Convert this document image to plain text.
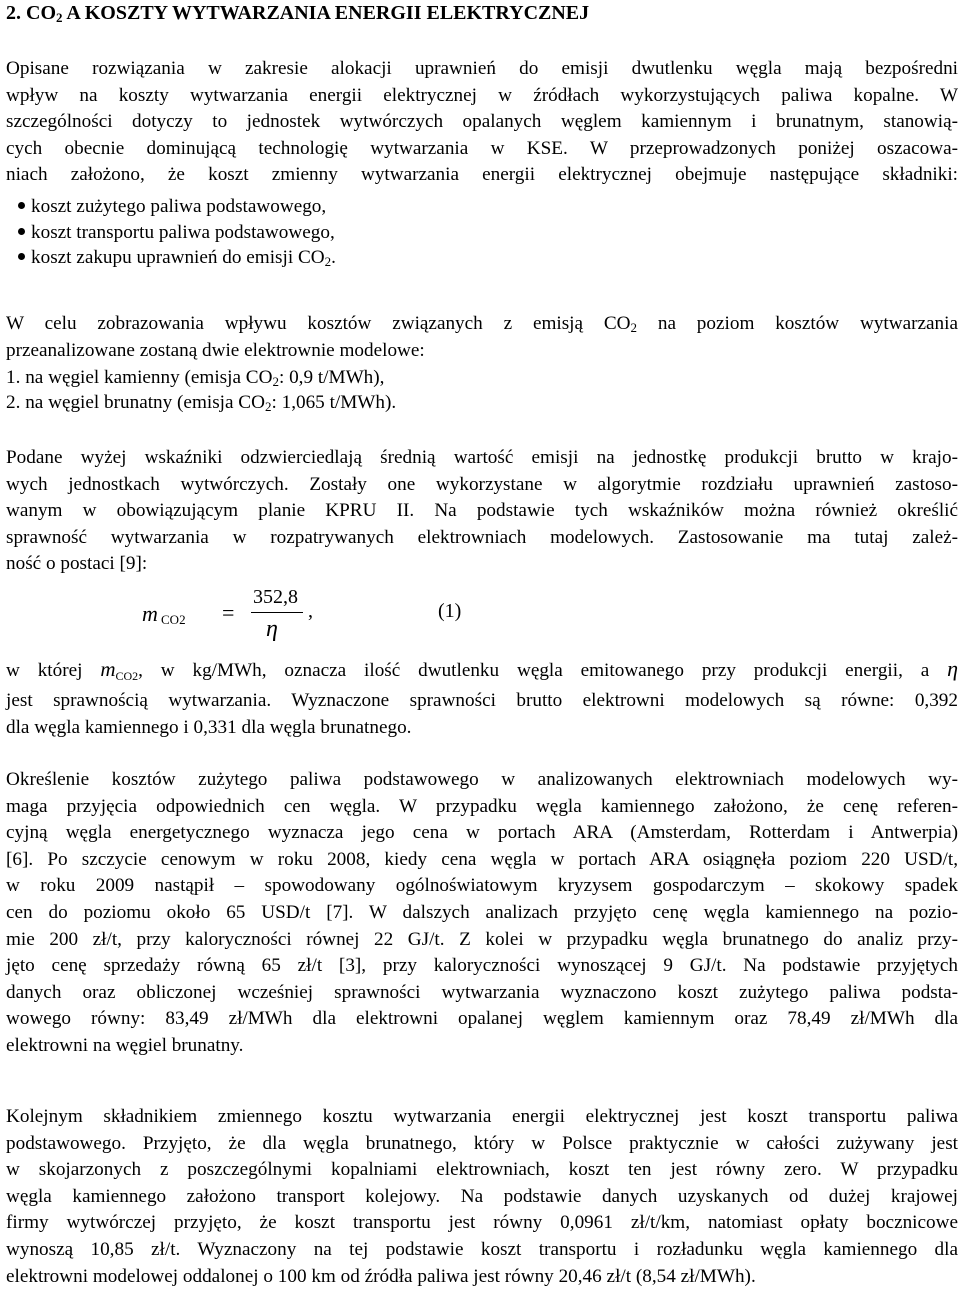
2. $CO_2$ A KOSZTY WYTWARZANIA ENERGII ELEKTRYCZNEJ
Opisane rozwiązania w zakresie alokacji uprawnień do emisji dwutlenku węgla mają bezpośredni
wpływ na koszty wytwarzania energii elektrycznej w źródłach wykorzystujących paliwa kopalne. W
szczególności dotyczy to jednostek wytwórczych opalanych węglem kamiennym i brunatnym, stanowią-
cych obecnie dominującą technologię wytwarzania w KSE. W przeprowadzonych poniżej oszacowa-
niach założono, że koszt zmienny wytwarzania energii elektrycznej obejmuje następujące składniki:
koszt zużytego paliwa podstawowego,
koszt transportu paliwa podstawowego,
koszt zakupu uprawnień do emisji $CO_2$.
W celu zobrazowania wpływu kosztów związanych z emisją $CO_2$ na poziom kosztów wytwarzania
przeanalizowane zostaną dwie elektrownie modelowe:
1. na węgiel kamienny (emisja $CO_2$: 0,9 t/MWh),
2. na węgiel brunatny (emisja $CO_2$: 1,065 t/MWh).
Podane wyżej wskaźniki odzwierciedlają średnią wartość emisji na jednostkę produkcji brutto w krajo-
wych jednostkach wytwórczych. Zostały one wykorzystane w algorytmie rozdziału uprawnień zastoso-
wanym w obowiązującym planie KPRU II. Na podstawie tych wskaźników można również określić
sprawność wytwarzania w rozpatrywanych elektrowniach modelowych. Zastosowanie ma tutaj zależ-
ność o postaci [9]:
m CO2 =
352,8
η
,	(1)
w której $m_{CO2}$, w kg/MWh, oznacza ilość dwutlenku węgla emitowanego przy produkcji energii, a η
jest sprawnością wytwarzania. Wyznaczone sprawności brutto elektrowni modelowych są równe: 0,392
dla węgla kamiennego i 0,331 dla węgla brunatnego.
Określenie kosztów zużytego paliwa podstawowego w analizowanych elektrowniach modelowych wy-
maga przyjęcia odpowiednich cen węgla. W przypadku węgla kamiennego założono, że cenę referen-
cyjną węgla energetycznego wyznacza jego cena w portach ARA (Amsterdam, Rotterdam i Antwerpia)
[6]. Po szczycie cenowym w roku 2008, kiedy cena węgla w portach ARA osiągnęła poziom 220 USD/t,
w roku 2009 nastąpił – spowodowany ogólnoświatowym kryzysem gospodarczym – skokowy spadek
cen do poziomu około 65 USD/t [7]. W dalszych analizach przyjęto cenę węgla kamiennego na pozio-
mie 200 zł/t, przy kaloryczności równej 22 GJ/t. Z kolei w przypadku węgla brunatnego do analiz przy-
jęto cenę sprzedaży równą 65 zł/t [3], przy kaloryczności wynoszącej 9 GJ/t. Na podstawie przyjętych
danych oraz obliczonej wcześniej sprawności wytwarzania wyznaczono koszt zużytego paliwa podsta-
wowego równy: 83,49 zł/MWh dla elektrowni opalanej węglem kamiennym oraz 78,49 zł/MWh dla
elektrowni na węgiel brunatny.
Kolejnym składnikiem zmiennego kosztu wytwarzania energii elektrycznej jest koszt transportu paliwa
podstawowego. Przyjęto, że dla węgla brunatnego, który w Polsce praktycznie w całości zużywany jest
w skojarzonych z poszczególnymi kopalniami elektrowniach, koszt ten jest równy zero. W przypadku
węgla kamiennego założono transport kolejowy. Na podstawie danych uzyskanych od dużej krajowej
firmy wytwórczej przyjęto, że koszt transportu jest równy 0,0961 zł/t/km, natomiast opłaty bocznicowe
wynoszą 10,85 zł/t. Wyznaczony na tej podstawie koszt transportu i rozładunku węgla kamiennego dla
elektrowni modelowej oddalonej o 100 km od źródła paliwa jest równy 20,46 zł/t (8,54 zł/MWh).
